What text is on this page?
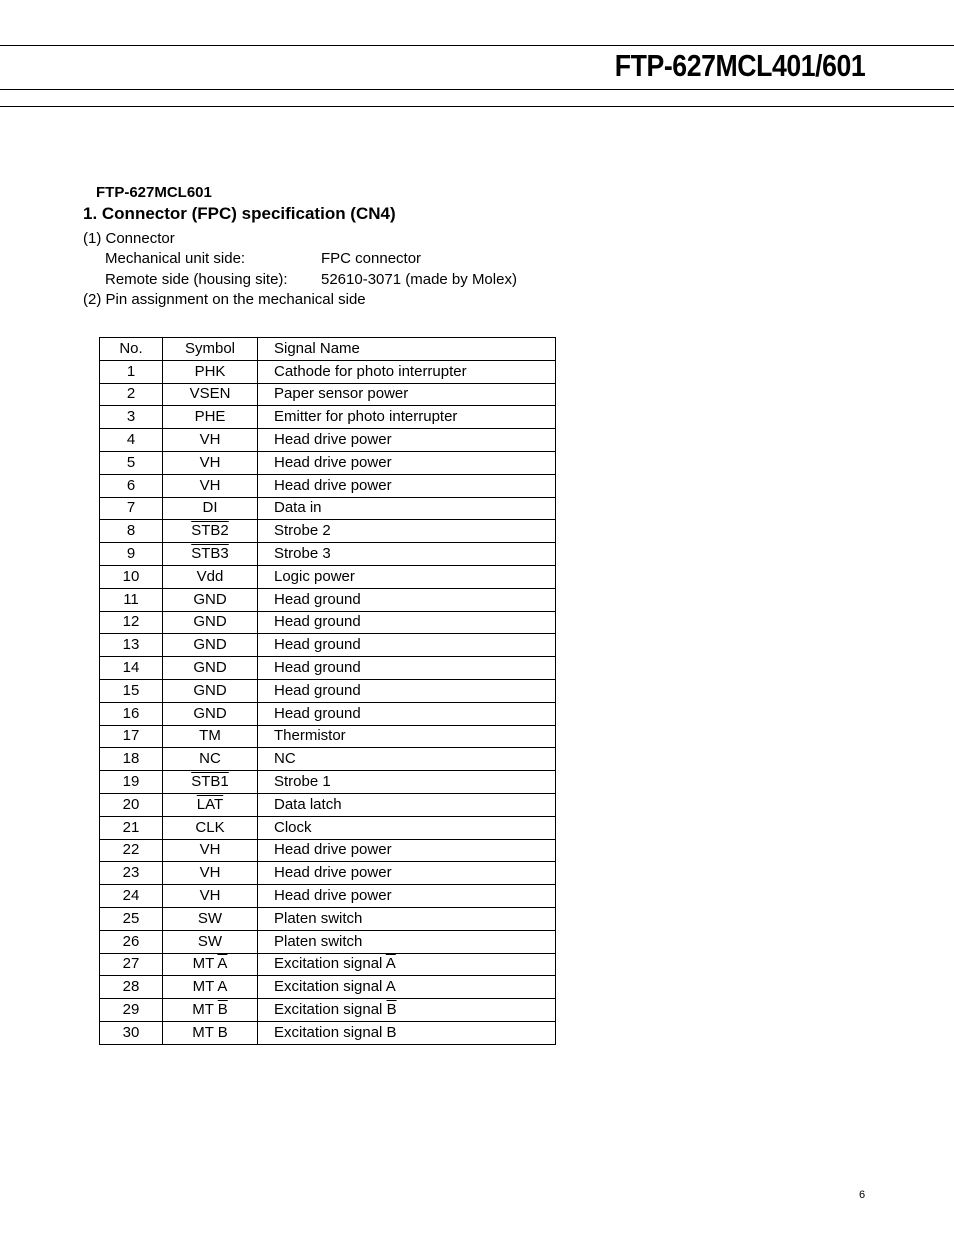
FTP-627MCL401/601
FTP-627MCL601
1. Connector (FPC) specification (CN4)
(1) Connector
Mechanical unit side:	FPC connector
Remote side (housing site): 52610-3071 (made by Molex)
(2) Pin assignment on the mechanical side
No.	Symbol	Signal Name
1	PHK	Cathode for photo interrupter
2	VSEN	Paper sensor power
3	PHE	Emitter for photo interrupter
4	VH	Head drive power
5	VH	Head drive power
6	VH	Head drive power
7	DI	Data in
8	STB2	Strobe 2
9	STB3	Strobe 3
10	Vdd	Logic power
11	GND	Head ground
12	GND	Head ground
13	GND	Head ground
14	GND	Head ground
15	GND	Head ground
16	GND	Head ground
17	TM	Thermistor
18	NC	NC
19	STB1	Strobe 1
20	$\overline{LAT}$	Data latch
21	CLK	Clock
22	VH	Head drive power
23	VH	Head drive power
24	VH	Head drive power
25	SW	Platen switch
26	SW	Platen switch
27	MT $\overline{A}$	Excitation signal $\overline{A}$
28	MT A	Excitation signal A
29	MT $\overline{B}$	Excitation signal $\overline{B}$
30	MT B	Excitation signal B
6
